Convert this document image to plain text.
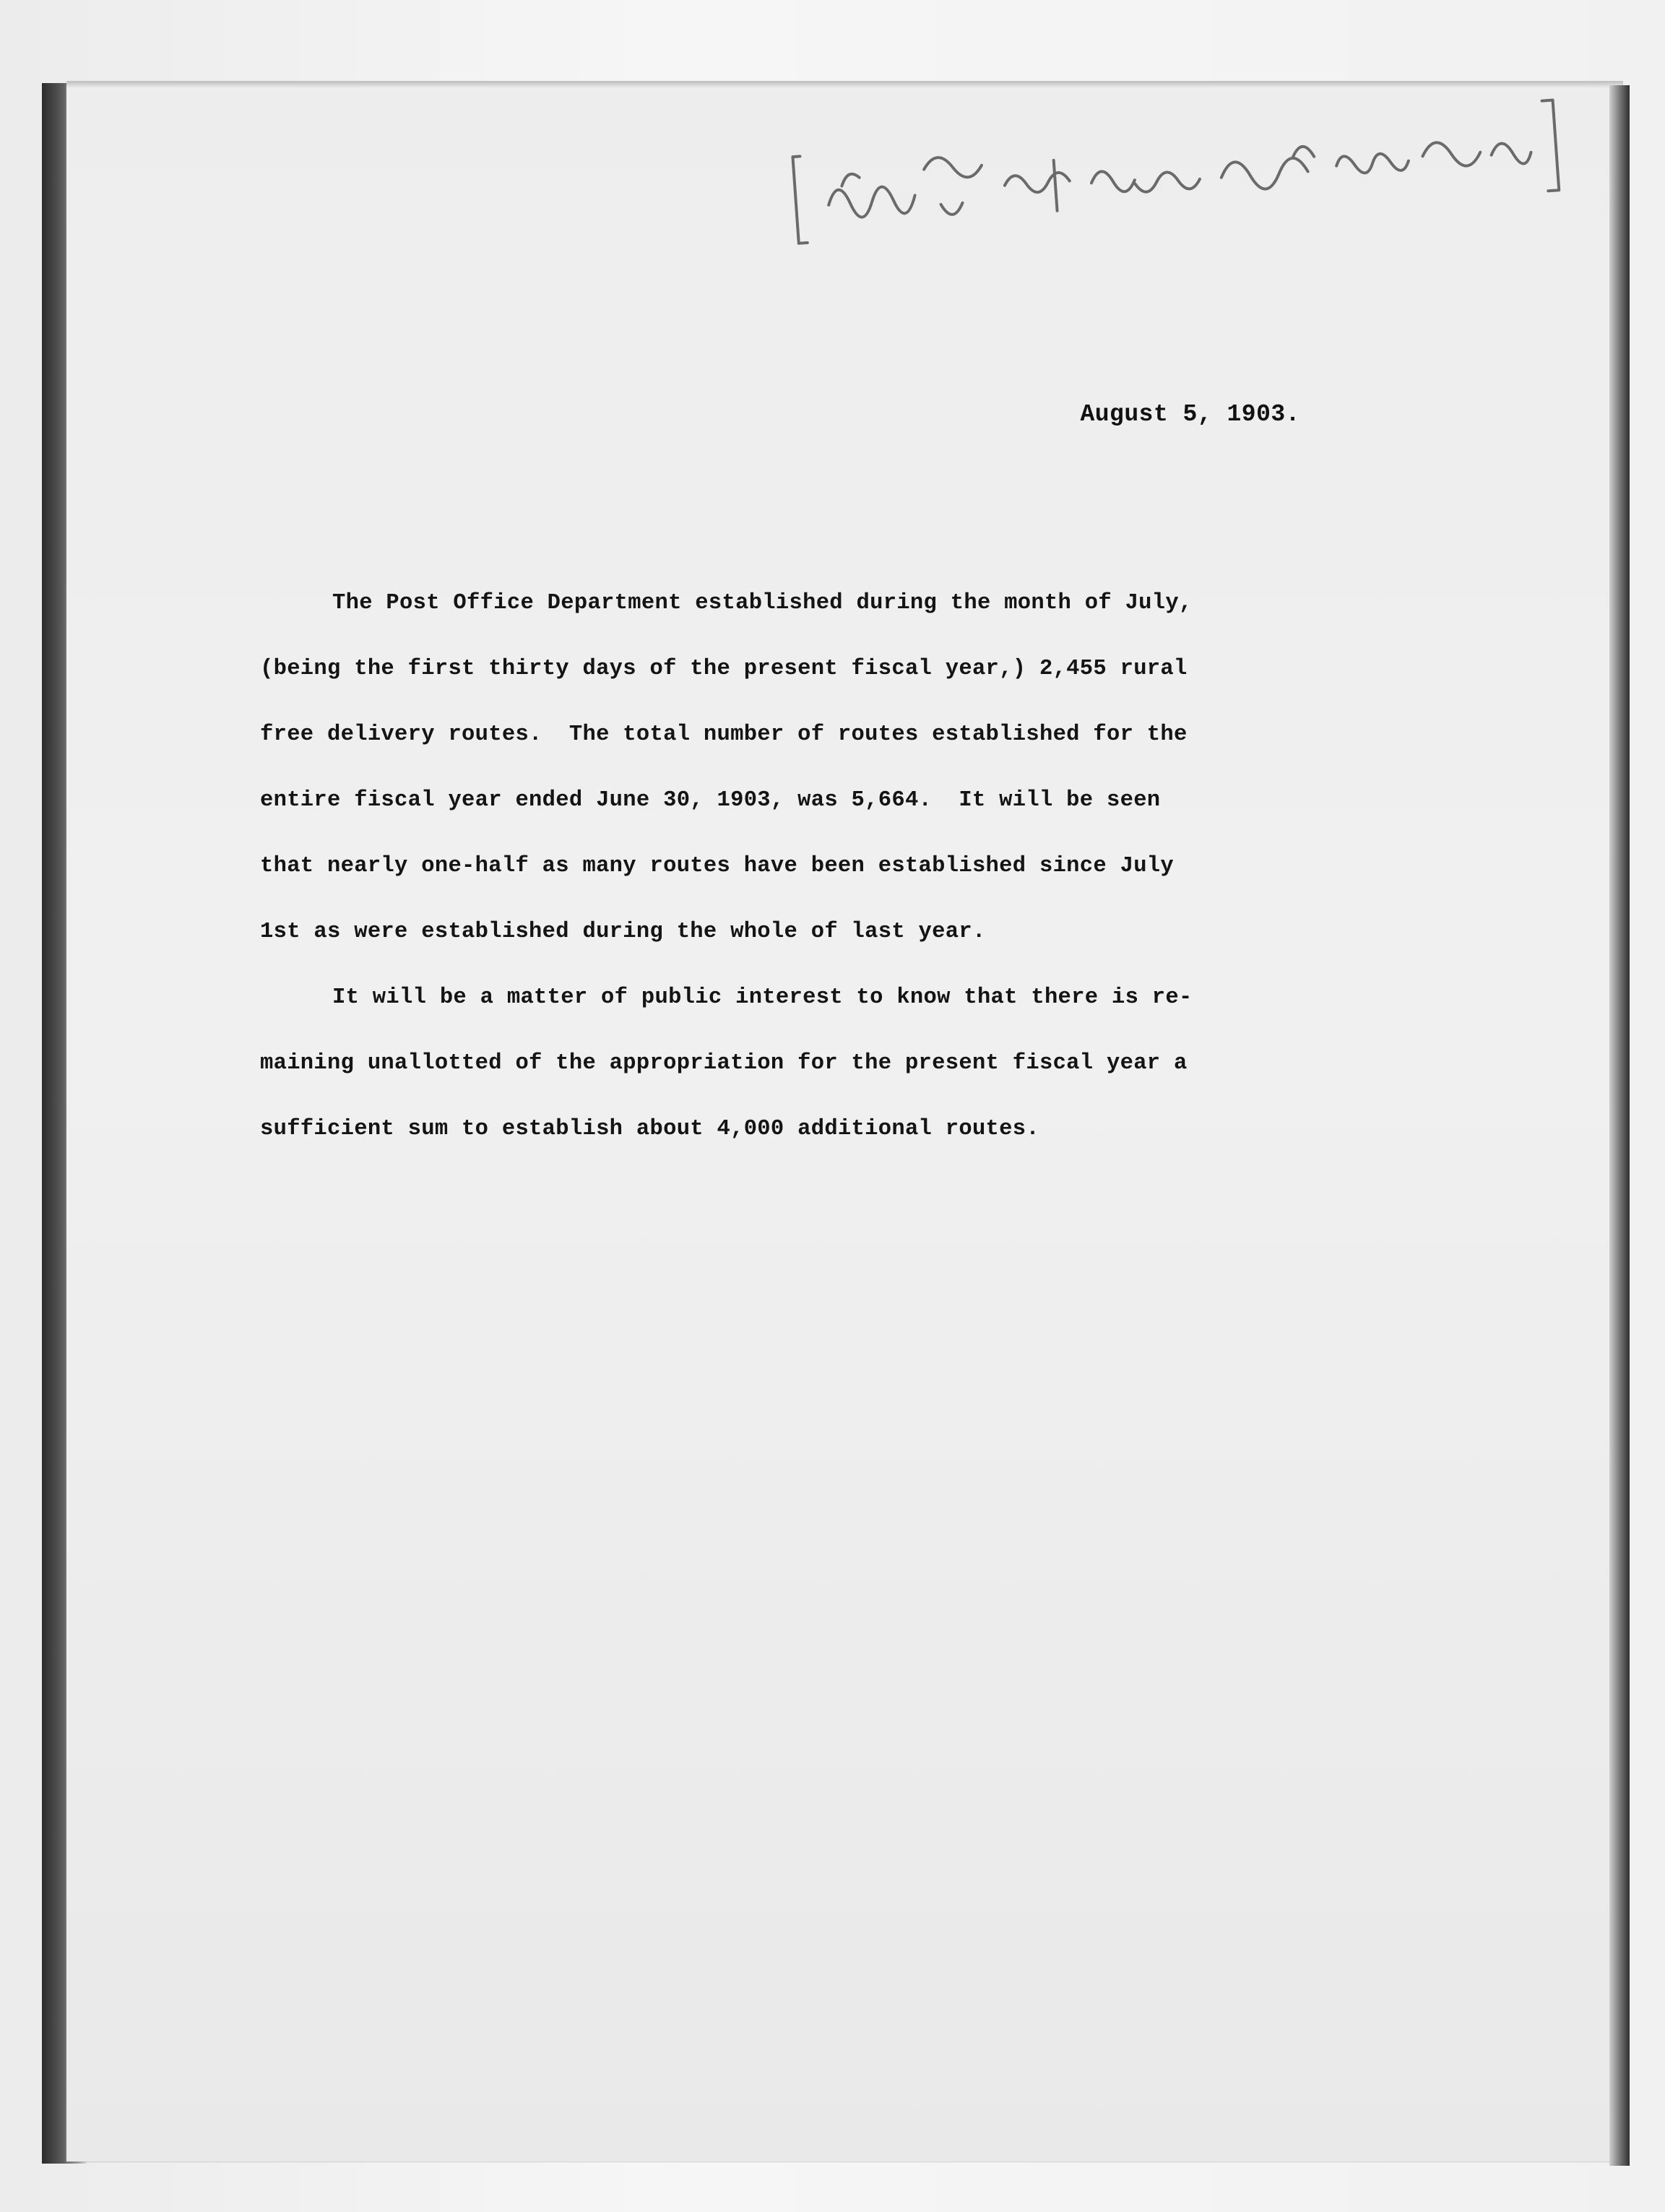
August 5, 1903.
The Post Office Department established during the month of July,
(being the first thirty days of the present fiscal year,) 2,455 rural
free delivery routes.  The total number of routes established for the
entire fiscal year ended June 30, 1903, was 5,664.  It will be seen
that nearly one-half as many routes have been established since July
1st as were established during the whole of last year.
It will be a matter of public interest to know that there is re-
maining unallotted of the appropriation for the present fiscal year a
sufficient sum to establish about 4,000 additional routes.
